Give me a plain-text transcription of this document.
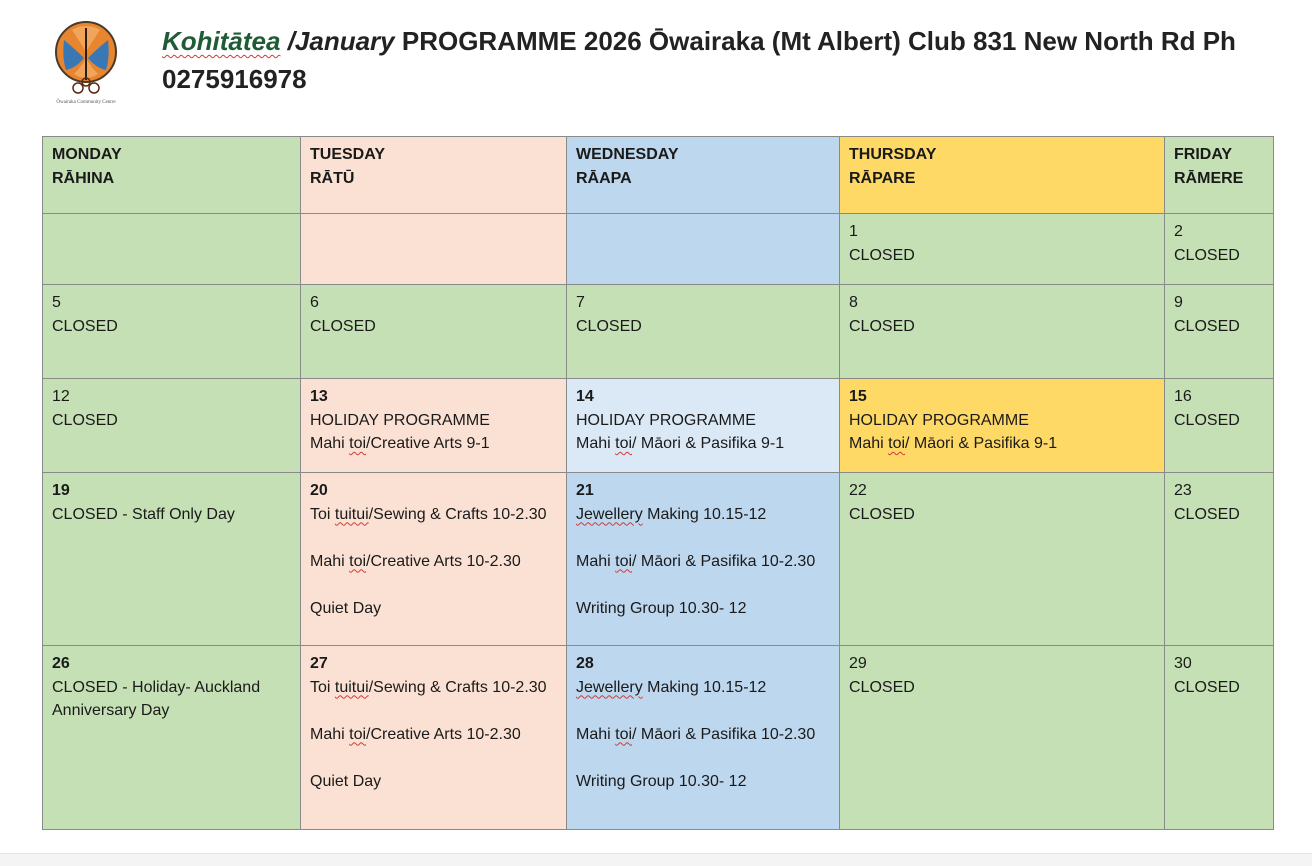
Ōwairaka Community Centre
Kohitātea /January PROGRAMME 2026 Ōwairaka (Mt Albert) Club 831 New North Rd Ph 0275916978
MONDAY
RĀHINA	TUESDAY
RĀTŪ	WEDNESDAY
RĀAPA	THURSDAY
RĀPARE	FRIDAY
RĀMERE

			1
CLOSED	2
CLOSED

5
CLOSED	6
CLOSED	7
CLOSED	8
CLOSED	9
CLOSED

12
CLOSED	13
HOLIDAY PROGRAMME
Mahi toi/Creative Arts 9-1	14
HOLIDAY PROGRAMME
Mahi toi/ Māori & Pasifika 9-1	15
HOLIDAY PROGRAMME
Mahi toi/ Māori & Pasifika 9-1	16
CLOSED

19
CLOSED - Staff Only Day	20
Toi tuitui/Sewing & Crafts 10-2.30
Mahi toi/Creative Arts 10-2.30
Quiet Day	21
Jewellery Making 10.15-12
Mahi toi/ Māori & Pasifika 10-2.30
Writing Group 10.30- 12	22
CLOSED	23
CLOSED

26
CLOSED - Holiday- Auckland Anniversary Day	27
Toi tuitui/Sewing & Crafts 10-2.30
Mahi toi/Creative Arts 10-2.30
Quiet Day	28
Jewellery Making 10.15-12
Mahi toi/ Māori & Pasifika 10-2.30
Writing Group 10.30- 12	29
CLOSED	30
CLOSED
